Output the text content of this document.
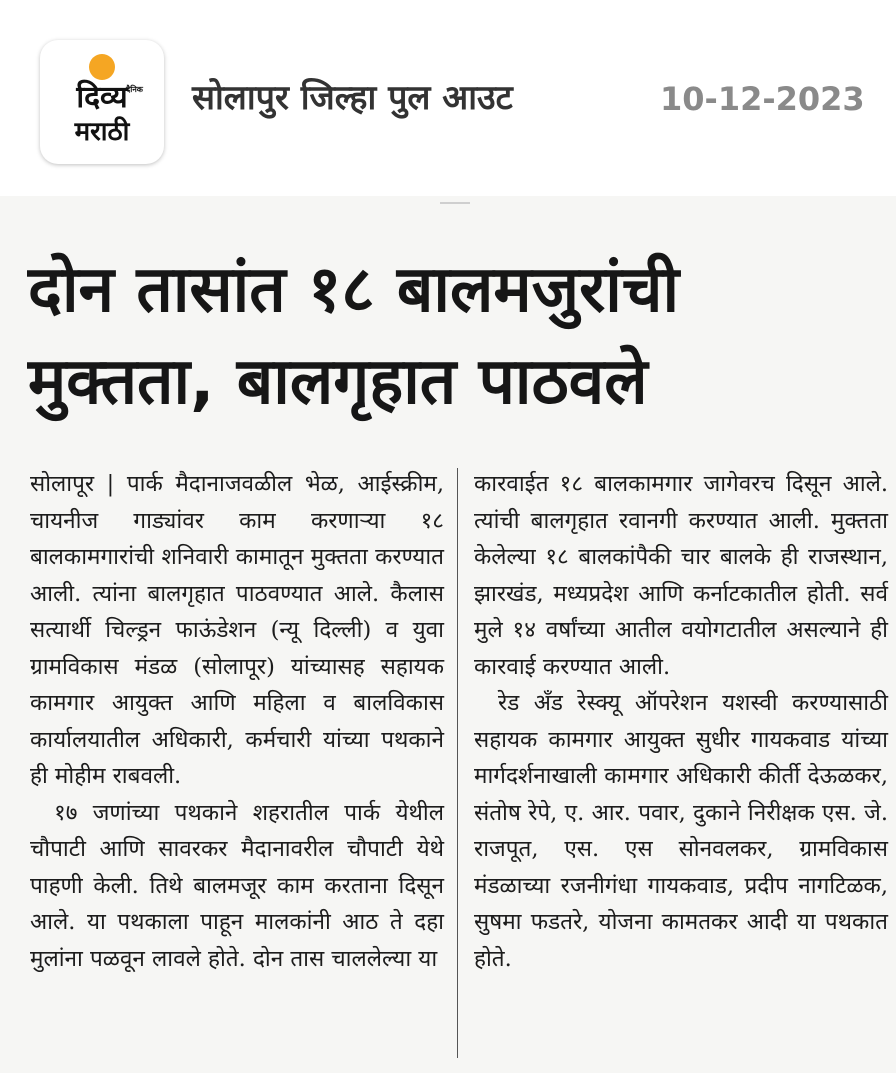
दैनिक
दिव्य
मराठी
सोलापुर जिल्हा पुल आउट	10-12-2023
दोन तासांत १८ बालमजुरांची
मुक्तता, बालगृहात पाठवले

सोलापूर | पार्क मैदानाजवळील भेळ, आईस्क्रीम, चायनीज गाड्यांवर काम करणाऱ्या १८ बालकामगारांची शनिवारी कामातून मुक्तता करण्यात आली. त्यांना बालगृहात पाठवण्यात आले. कैलास सत्यार्थी चिल्ड्रन फाऊंडेशन (न्यू दिल्ली) व युवा ग्रामविकास मंडळ (सोलापूर) यांच्यासह सहायक कामगार आयुक्त आणि महिला व बालविकास कार्यालयातील अधिकारी, कर्मचारी यांच्या पथकाने ही मोहीम राबवली.

१७ जणांच्या पथकाने शहरातील पार्क येथील चौपाटी आणि सावरकर मैदानावरील चौपाटी येथे पाहणी केली. तिथे बालमजूर काम करताना दिसून आले. या पथकाला पाहून मालकांनी आठ ते दहा मुलांना पळवून लावले होते. दोन तास चाललेल्या या

कारवाईत १८ बालकामगार जागेवरच दिसून आले. त्यांची बालगृहात रवानगी करण्यात आली. मुक्तता केलेल्या १८ बालकांपैकी चार बालके ही राजस्थान, झारखंड, मध्यप्रदेश आणि कर्नाटकातील होती. सर्व मुले १४ वर्षांच्या आतील वयोगटातील असल्याने ही कारवाई करण्यात आली.

रेड अँड रेस्क्यू ऑपरेशन यशस्वी करण्यासाठी सहायक कामगार आयुक्त सुधीर गायकवाड यांच्या मार्गदर्शनाखाली कामगार अधिकारी कीर्ती देऊळकर, संतोष रेपे, ए. आर. पवार, दुकाने निरीक्षक एस. जे. राजपूत, एस. एस सोनवलकर, ग्रामविकास मंडळाच्या रजनीगंधा गायकवाड, प्रदीप नागटिळक, सुषमा फडतरे, योजना कामतकर आदी या पथकात होते.
